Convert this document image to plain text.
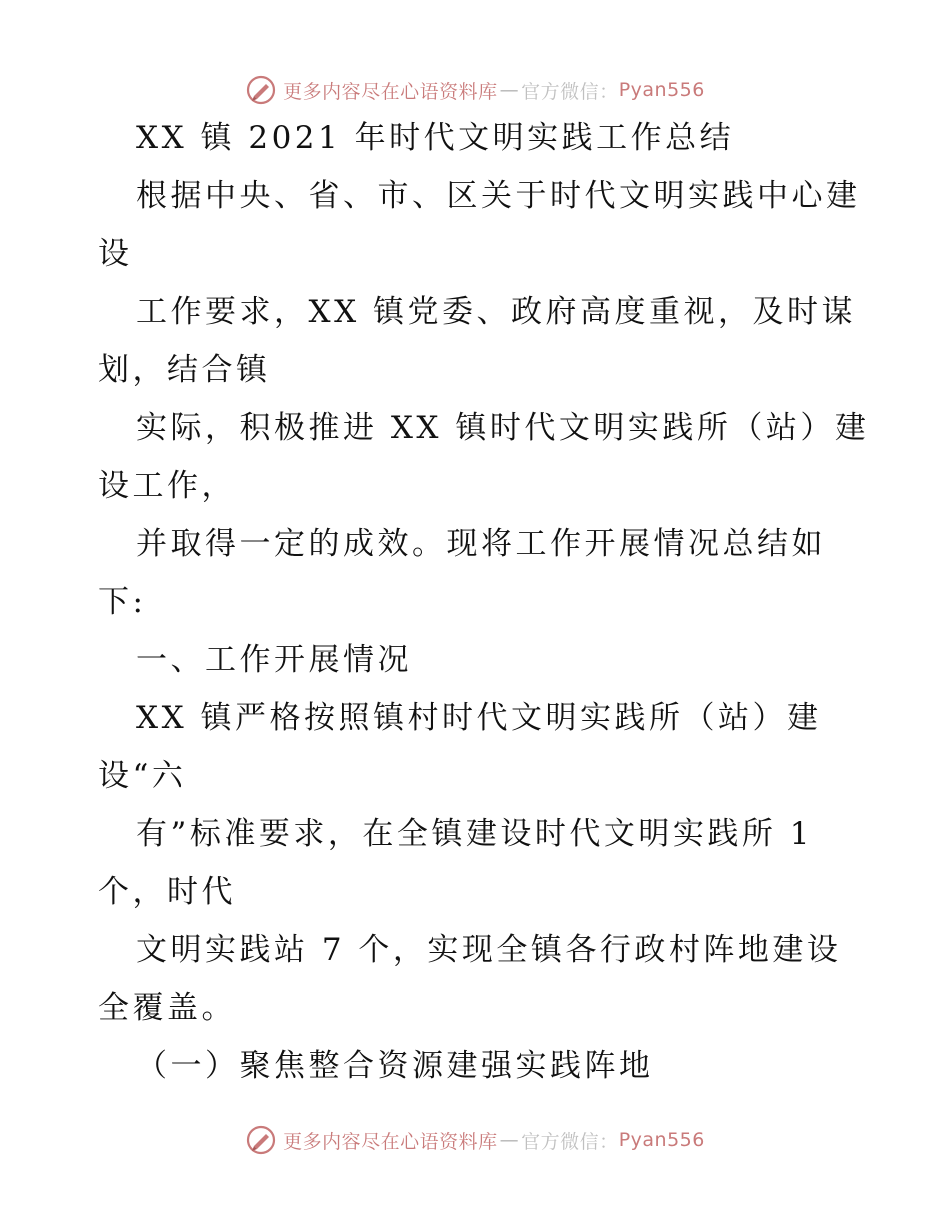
更多内容尽在心语资料库 — 官方微信： Pyan556
XX 镇 2021 年时代文明实践工作总结
根据中央、省、市、区关于时代文明实践中心建
设
工作要求，XX 镇党委、政府高度重视，及时谋
划，结合镇
实际，积极推进 XX 镇时代文明实践所（站）建
设工作，
并取得一定的成效。现将工作开展情况总结如
下:
一、工作开展情况
XX 镇严格按照镇村时代文明实践所（站）建
设“六
有”标准要求，在全镇建设时代文明实践所 1
个，时代
文明实践站 7 个，实现全镇各行政村阵地建设
全覆盖。
（一）聚焦整合资源建强实践阵地
更多内容尽在心语资料库 — 官方微信： Pyan556
